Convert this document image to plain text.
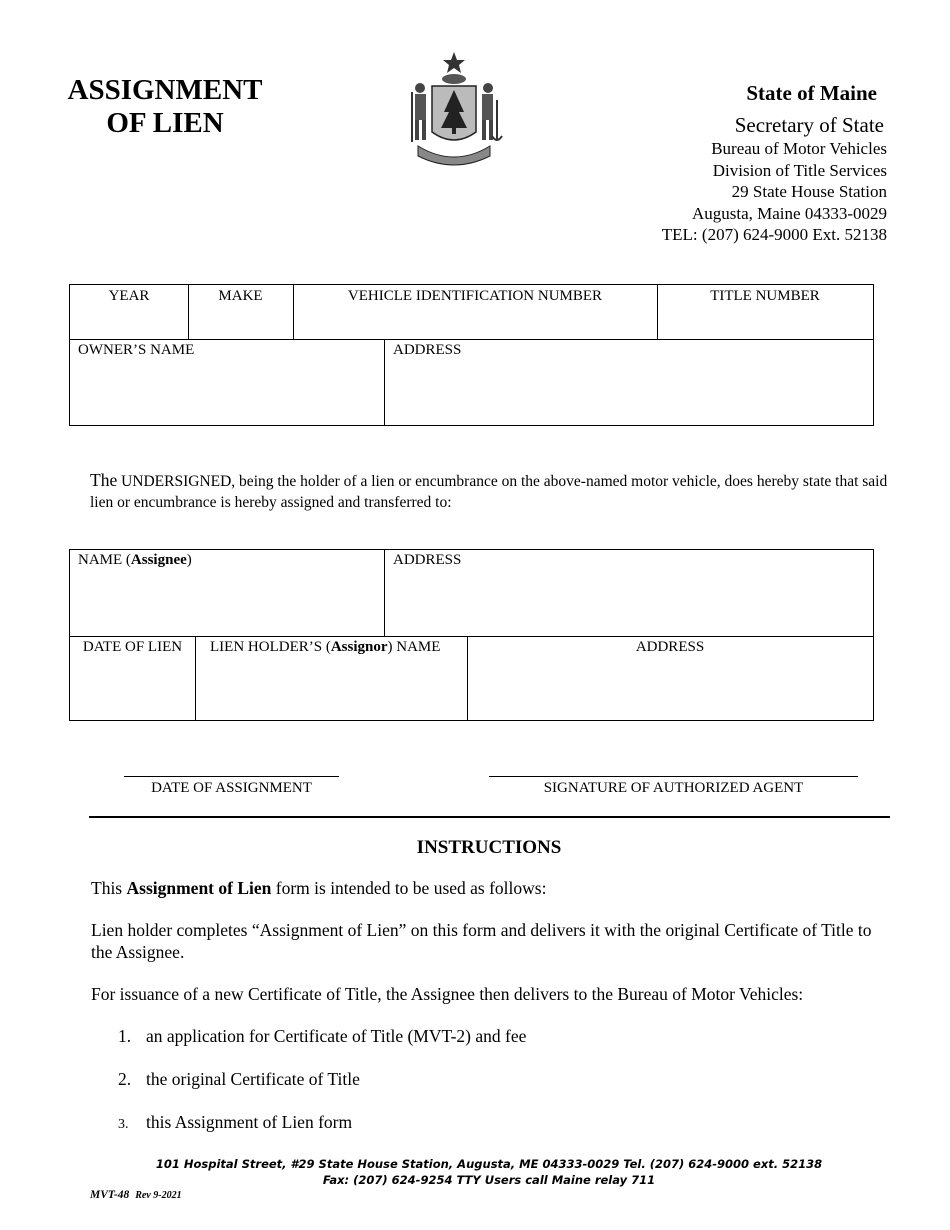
ASSIGNMENT
OF LIEN
State of Maine
Secretary of State
Bureau of Motor Vehicles
Division of Title Services
29 State House Station
Augusta, Maine 04333-0029
TEL: (207) 624-9000 Ext. 52138
YEAR	MAKE	VEHICLE IDENTIFICATION NUMBER	TITLE NUMBER
OWNER’S NAME	ADDRESS
The UNDERSIGNED, being the holder of a lien or encumbrance on the above-named motor vehicle, does hereby state that said lien or encumbrance is hereby assigned and transferred to:
NAME (Assignee)	ADDRESS
DATE OF LIEN	LIEN HOLDER’S (Assignor) NAME	ADDRESS
DATE OF ASSIGNMENT	SIGNATURE OF AUTHORIZED AGENT
INSTRUCTIONS
This Assignment of Lien form is intended to be used as follows:
Lien holder completes “Assignment of Lien” on this form and delivers it with the original Certificate of Title to the Assignee.
For issuance of a new Certificate of Title, the Assignee then delivers to the Bureau of Motor Vehicles:
1. an application for Certificate of Title (MVT-2) and fee
2. the original Certificate of Title
3. this Assignment of Lien form
101 Hospital Street, #29 State House Station, Augusta, ME 04333-0029 Tel. (207) 624-9000 ext. 52138
Fax: (207) 624-9254 TTY Users call Maine relay 711
MVT-48 Rev 9-2021
